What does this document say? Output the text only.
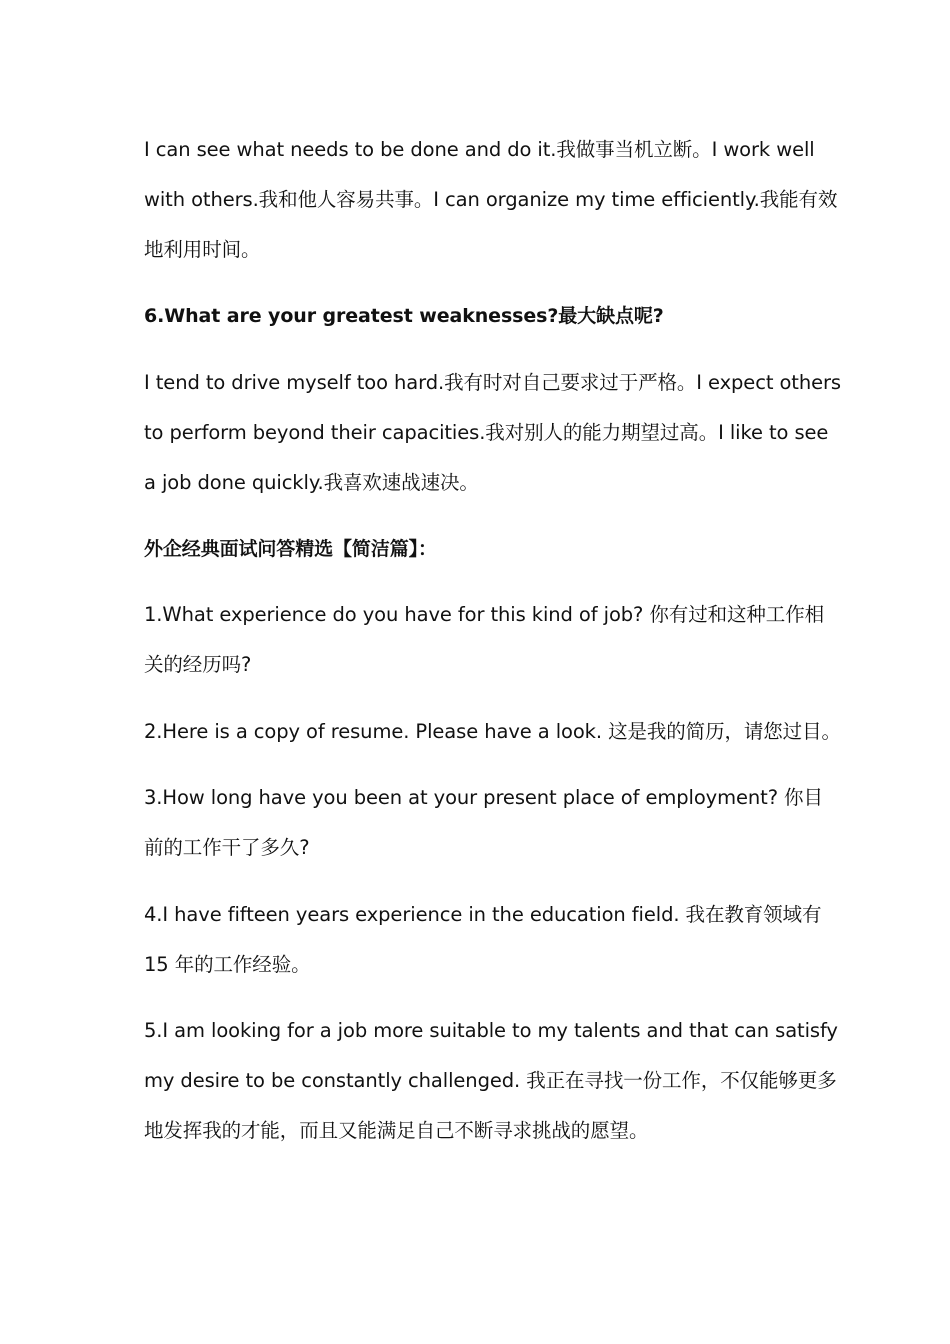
I can see what needs to be done and do it.我做事当机立断。I work well
with others.我和他人容易共事。I can organize my time efficiently.我能有效
地利用时间。
6.What are your greatest weaknesses?最大缺点呢?
I tend to drive myself too hard.我有时对自己要求过于严格。I expect others
to perform beyond their capacities.我对别人的能力期望过高。I like to see
a job done quickly.我喜欢速战速决。
外企经典面试问答精选【简洁篇】：
1.What experience do you have for this kind of job? 你有过和这种工作相
关的经历吗?
2.Here is a copy of resume. Please have a look. 这是我的简历，请您过目。
3.How long have you been at your present place of employment? 你目
前的工作干了多久?
4.I have fifteen years experience in the education field. 我在教育领域有
15 年的工作经验。
5.I am looking for a job more suitable to my talents and that can satisfy
my desire to be constantly challenged. 我正在寻找一份工作，不仅能够更多
地发挥我的才能，而且又能满足自己不断寻求挑战的愿望。
